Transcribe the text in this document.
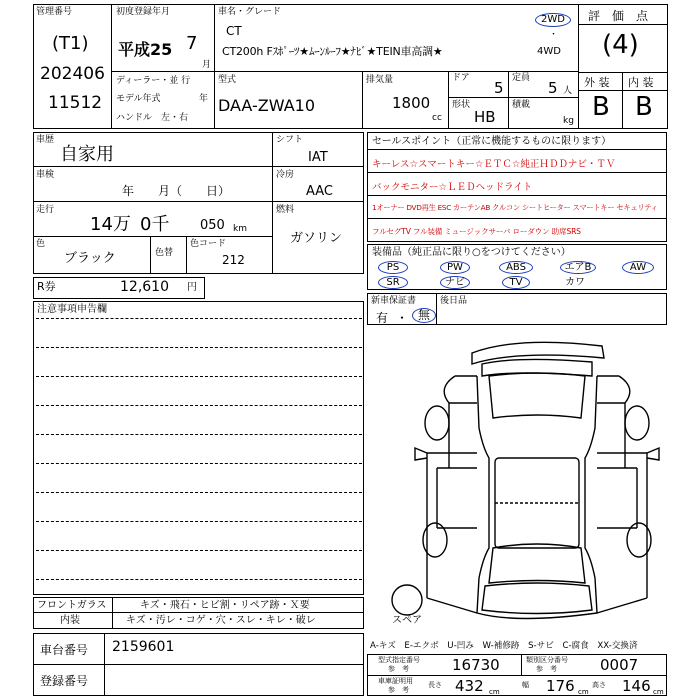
管理番号
(T1)
202406
11512
初度登録年月
平成25 7
月
ディーラー・並 行
モデル年式	年
ハンドル　左・右
車名・グレード
CT
CT200h Fｽﾎﾟｰﾂ★ﾑｰﾝﾙｰﾌ★ﾅﾋﾞ★TEIN車高調★
2WD
・
4WD
型式
DAA-ZWA10
排気量
1800
cc
ドア
5
定員
5 人
形状
HB
積載
kg
評　価　点
(4)
外 装 内 装
B B
車歴
自家用
車検
年　　月（　　日）
走行
14万 0千 050 km
色
ブラック	色替
色コード
212
シフト
IAT
冷房
AAC
燃料
ガソリン
セールスポイント（正常に機能するものに限ります）
キーレス☆スマートキー☆ＥＴＣ☆純正ＨＤＤナビ・ＴＶ
バックモニター☆ＬＥＤヘッドライト
1オーナー DVD再生 ESC カーテンAB クルコン シートヒーター スマートキー セキュリティ
フルセグTV フル装備 ミュージックサーバ ローダウン 助席SRS
装備品（純正品に限り○をつけてください）
PS	PW	ABS	エアB	AW
SR	ナビ	TV	カワ
R券	12,610 円
新車保証書
有 ・ 無
後日品
注意事項申告欄
スペア
フロントガラス	キズ・飛石・ヒビ割・リペア跡・Ｘ要
内装	キズ・汚レ・コゲ・穴・スレ・キレ・破レ
車台番号 2159601
登録番号
A-キズ　E-エクボ　U-凹み　W-補修跡　S-サビ　C-腐食　XX-交換済
型式指定番号
参　考	16730	類別区分番号
参　考	0007
車庫証明用
参　考
長さ 432 cm
幅 176 cm
高さ 146 cm
